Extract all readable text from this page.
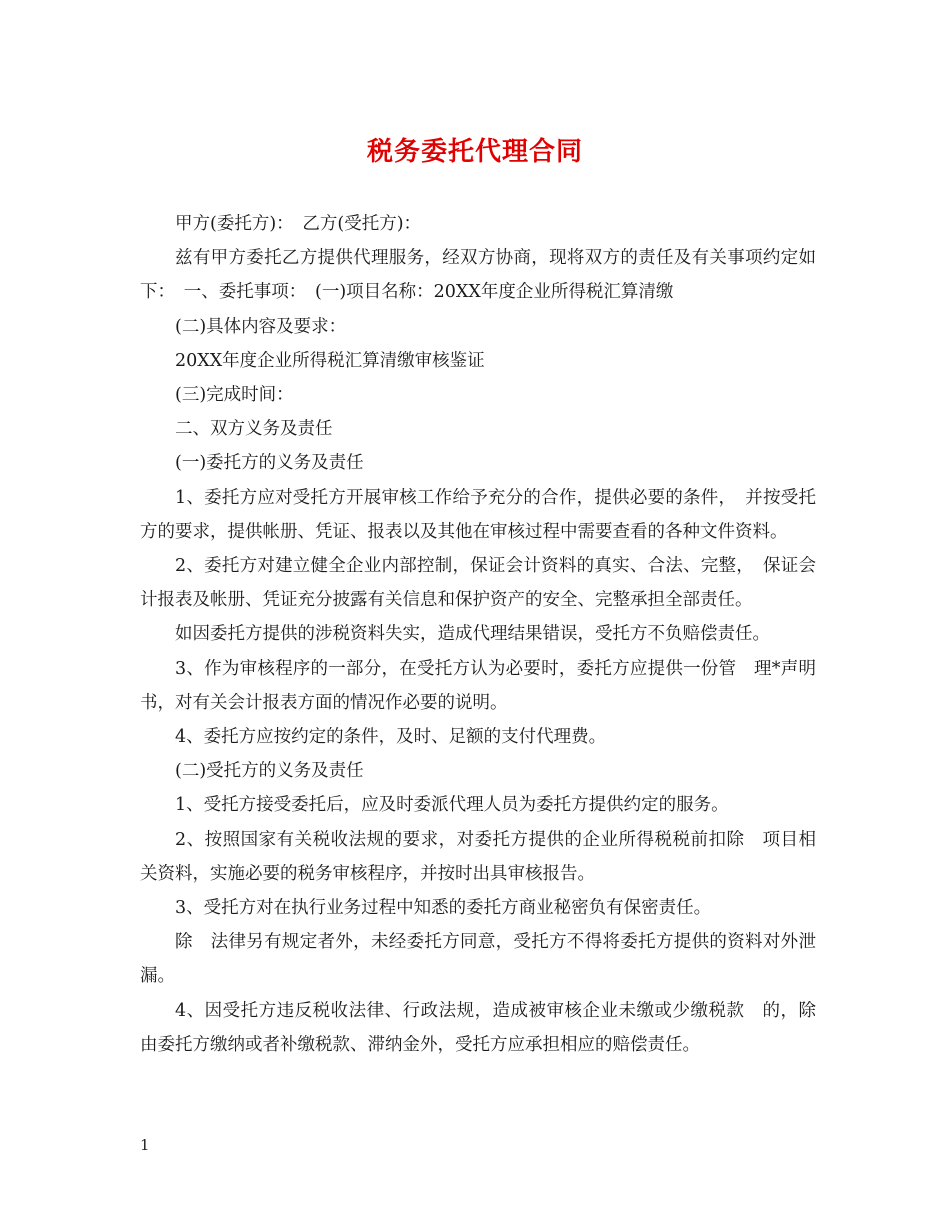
税务委托代理合同

甲方(委托方)：　乙方(受托方)：

兹有甲方委托乙方提供代理服务，经双方协商，现将双方的责任及有关事项约定如下：　一、委托事项：　(一)项目名称：20XX年度企业所得税汇算清缴

(二)具体内容及要求：

20XX年度企业所得税汇算清缴审核鉴证

(三)完成时间：

二、双方义务及责任

(一)委托方的义务及责任

1、委托方应对受托方开展审核工作给予充分的合作，提供必要的条件，　并按受托方的要求，提供帐册、凭证、报表以及其他在审核过程中需要查看的各种文件资料。

2、委托方对建立健全企业内部控制，保证会计资料的真实、合法、完整，　保证会计报表及帐册、凭证充分披露有关信息和保护资产的安全、完整承担全部责任。

如因委托方提供的涉税资料失实，造成代理结果错误，受托方不负赔偿责任。

3、作为审核程序的一部分，在受托方认为必要时，委托方应提供一份管　理*声明书，对有关会计报表方面的情况作必要的说明。

4、委托方应按约定的条件，及时、足额的支付代理费。

(二)受托方的义务及责任

1、受托方接受委托后，应及时委派代理人员为委托方提供约定的服务。

2、按照国家有关税收法规的要求，对委托方提供的企业所得税税前扣除　项目相关资料，实施必要的税务审核程序，并按时出具审核报告。

3、受托方对在执行业务过程中知悉的委托方商业秘密负有保密责任。

除　法律另有规定者外，未经委托方同意，受托方不得将委托方提供的资料对外泄漏。

4、因受托方违反税收法律、行政法规，造成被审核企业未缴或少缴税款　的，除由委托方缴纳或者补缴税款、滞纳金外，受托方应承担相应的赔偿责任。

1
